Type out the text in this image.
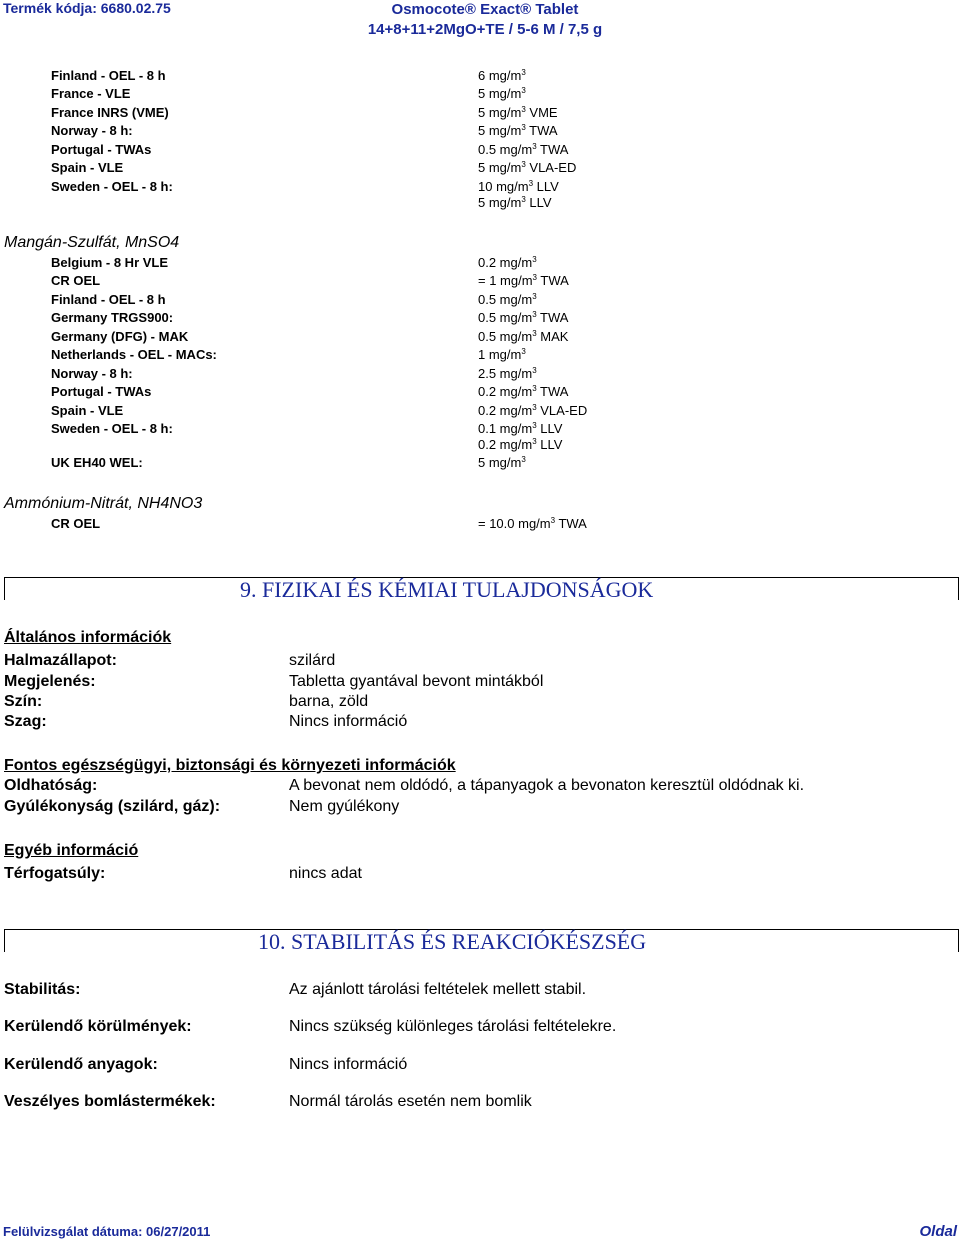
Termék kódja: 6680.02.75	Osmocote® Exact® Tablet
14+8+11+2MgO+TE / 5-6 M / 7,5 g
Finland - OEL - 8 h	6 $mg/m^3$
France - VLE	5 $mg/m^3$
France INRS (VME)	5 $mg/m^3$ VME
Norway - 8 h:	5 $mg/m^3$ TWA
Portugal - TWAs	0.5 $mg/m^3$ TWA
Spain - VLE	5 $mg/m^3$ VLA-ED
Sweden - OEL - 8 h:	10 $mg/m^3$ LLV
5 $mg/m^3$ LLV
Mangán-Szulfát, MnSO4
Belgium - 8 Hr VLE	0.2 $mg/m^3$
CR OEL	= 1 $mg/m^3$ TWA
Finland - OEL - 8 h	0.5 $mg/m^3$
Germany TRGS900:	0.5 $mg/m^3$ TWA
Germany (DFG) - MAK	0.5 $mg/m^3$ MAK
Netherlands - OEL - MACs:	1 $mg/m^3$
Norway - 8 h:	2.5 $mg/m^3$
Portugal - TWAs	0.2 $mg/m^3$ TWA
Spain - VLE	0.2 $mg/m^3$ VLA-ED
Sweden - OEL - 8 h:	0.1 $mg/m^3$ LLV
0.2 $mg/m^3$ LLV
UK EH40 WEL:	5 $mg/m^3$
Ammónium-Nitrát, NH4NO3
CR OEL	= 10.0 $mg/m^3$ TWA
9. FIZIKAI ÉS KÉMIAI TULAJDONSÁGOK
Általános információk
Halmazállapot:	szilárd
Megjelenés:	Tabletta gyantával bevont mintákból
Szín:	barna, zöld
Szag:	Nincs információ
Fontos egészségügyi, biztonsági és környezeti információk
Oldhatóság:	A bevonat nem oldódó, a tápanyagok a bevonaton keresztül oldódnak ki.
Gyúlékonyság (szilárd, gáz):	Nem gyúlékony
Egyéb információ
Térfogatsúly:	nincs adat
10. STABILITÁS ÉS REAKCIÓKÉSZSÉG
Stabilitás:	Az ajánlott tárolási feltételek mellett stabil.
Kerülendő körülmények:	Nincs szükség különleges tárolási feltételekre.
Kerülendő anyagok:	Nincs információ
Veszélyes bomlástermékek:	Normál tárolás esetén nem bomlik
Felülvizsgálat dátuma: 06/27/2011	Oldal
